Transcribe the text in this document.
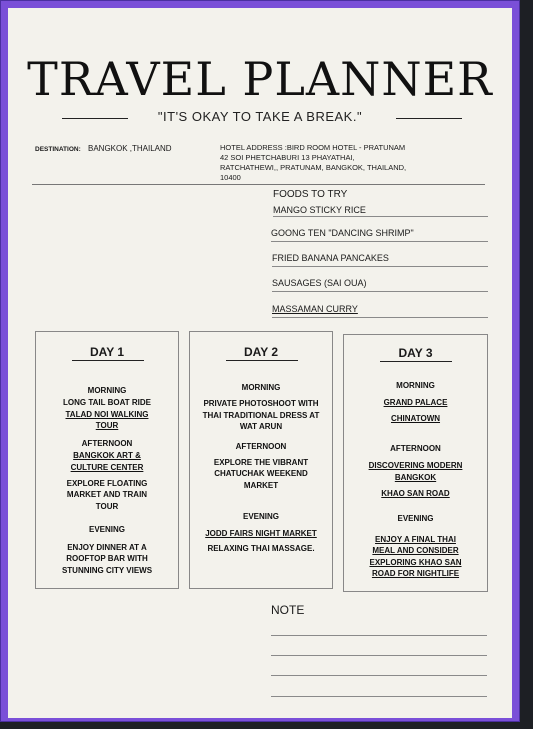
TRAVEL PLANNER
"IT'S OKAY TO TAKE A BREAK."
DESTINATION: BANGKOK ,THAILAND	HOTEL ADDRESS :BIRD ROOM HOTEL - PRATUNAM
42 SOI PHETCHABURI 13 PHAYATHAI,
RATCHATHEWI,, PRATUNAM, BANGKOK, THAILAND,
10400
FOODS TO TRY
MANGO STICKY RICE
GOONG TEN "DANCING SHRIMP"
FRIED BANANA PANCAKES
SAUSAGES (SAI OUA)
MASSAMAN CURRY
DAY 1
MORNING
LONG TAIL BOAT RIDE
TALAD NOI WALKING
TOUR
AFTERNOON
BANGKOK ART &
CULTURE CENTER
EXPLORE FLOATING
MARKET AND TRAIN
TOUR
EVENING
ENJOY DINNER AT A
ROOFTOP BAR WITH
STUNNING CITY VIEWS
DAY 2
MORNING
PRIVATE PHOTOSHOOT WITH
THAI TRADITIONAL DRESS AT
WAT ARUN
AFTERNOON
EXPLORE THE VIBRANT
CHATUCHAK WEEKEND
MARKET
EVENING
JODD FAIRS NIGHT MARKET
RELAXING THAI MASSAGE.
DAY 3
MORNING
GRAND PALACE
CHINATOWN
AFTERNOON
DISCOVERING MODERN
BANGKOK
KHAO SAN ROAD
EVENING
ENJOY A FINAL THAI
MEAL AND CONSIDER
EXPLORING KHAO SAN
ROAD FOR NIGHTLIFE
NOTE
